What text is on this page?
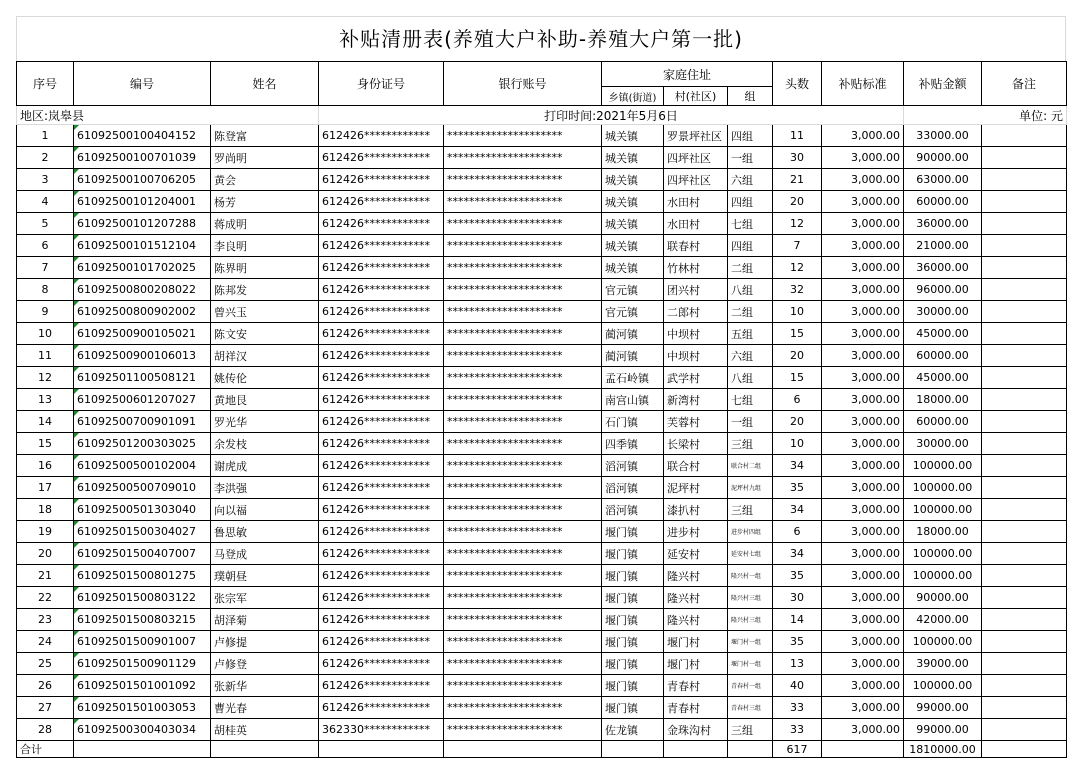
补贴清册表(养殖大户补助-养殖大户第一批)
地区:岚皋县			打印时间:2021年5月6日							单位: 元	
序号	编号	姓名	身份证号	银行账号	家庭住址			头数	补贴标准	补贴金额	备注
					乡镇(街道)	村(社区)	组				
1	61092500100404152	陈登富	612426************	*********************	城关镇	罗景坪社区	四组	11	3,000.00	33000.00	
2	61092500100701039	罗尚明	612426************	*********************	城关镇	四坪社区	一组	30	3,000.00	90000.00	
3	61092500100706205	黄会	612426************	*********************	城关镇	四坪社区	六组	21	3,000.00	63000.00	
4	61092500101204001	杨芳	612426************	*********************	城关镇	水田村	四组	20	3,000.00	60000.00	
5	61092500101207288	蒋成明	612426************	*********************	城关镇	水田村	七组	12	3,000.00	36000.00	
6	61092500101512104	李良明	612426************	*********************	城关镇	联春村	四组	7	3,000.00	21000.00	
7	61092500101702025	陈界明	612426************	*********************	城关镇	竹林村	二组	12	3,000.00	36000.00	
8	61092500800208022	陈邦发	612426************	*********************	官元镇	团兴村	八组	32	3,000.00	96000.00	
9	61092500800902002	曾兴玉	612426************	*********************	官元镇	二郎村	二组	10	3,000.00	30000.00	
10	61092500900105021	陈文安	612426************	*********************	蔺河镇	中坝村	五组	15	3,000.00	45000.00	
11	61092500900106013	胡祥汉	612426************	*********************	蔺河镇	中坝村	六组	20	3,000.00	60000.00	
12	61092501100508121	姚传伦	612426************	*********************	孟石岭镇	武学村	八组	15	3,000.00	45000.00	
13	61092500601207027	黄地艮	612426************	*********************	南宫山镇	新湾村	七组	6	3,000.00	18000.00	
14	61092500700901091	罗光华	612426************	*********************	石门镇	芙蓉村	一组	20	3,000.00	60000.00	
15	61092501200303025	余发枝	612426************	*********************	四季镇	长梁村	三组	10	3,000.00	30000.00	
16	61092500500102004	谢虎成	612426************	*********************	滔河镇	联合村	联合村二组	34	3,000.00	100000.00	
17	61092500500709010	李洪强	612426************	*********************	滔河镇	泥坪村	泥坪村九组	35	3,000.00	100000.00	
18	61092500501303040	向以福	612426************	*********************	滔河镇	漆扒村	三组	34	3,000.00	100000.00	
19	61092501500304027	鲁思敏	612426************	*********************	堰门镇	进步村	进步村四组	6	3,000.00	18000.00	
20	61092501500407007	马登成	612426************	*********************	堰门镇	延安村	延安村七组	34	3,000.00	100000.00	
21	61092501500801275	璞朝昼	612426************	*********************	堰门镇	隆兴村	隆兴村一组	35	3,000.00	100000.00	
22	61092501500803122	张宗军	612426************	*********************	堰门镇	隆兴村	隆兴村三组	30	3,000.00	90000.00	
23	61092501500803215	胡泽菊	612426************	*********************	堰门镇	隆兴村	隆兴村三组	14	3,000.00	42000.00	
24	61092501500901007	卢修提	612426************	*********************	堰门镇	堰门村	堰门村一组	35	3,000.00	100000.00	
25	61092501500901129	卢修登	612426************	*********************	堰门镇	堰门村	堰门村一组	13	3,000.00	39000.00	
26	61092501501001092	张新华	612426************	*********************	堰门镇	青春村	青春村一组	40	3,000.00	100000.00	
27	61092501501003053	曹光春	612426************	*********************	堰门镇	青春村	青春村三组	33	3,000.00	99000.00	
28	61092500300403034	胡桂英	362330************	*********************	佐龙镇	金珠沟村	三组	33	3,000.00	99000.00	
合计								617		1810000.00	
